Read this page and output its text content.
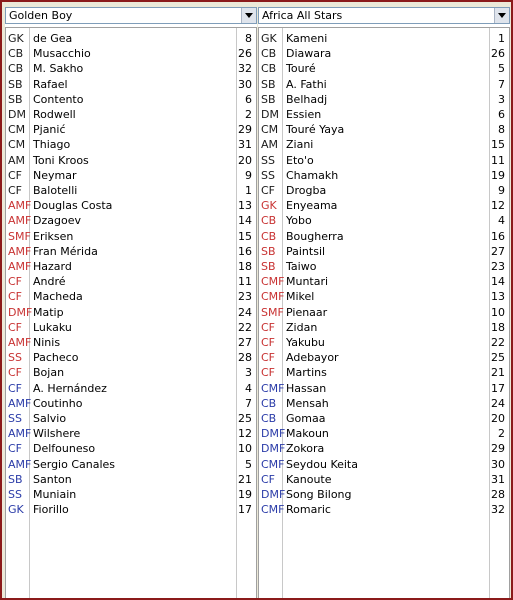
Golden Boy
GK de Gea	8
CB Musacchio	26
CB M. Sakho	32
SB Rafael	30
SB Contento	6
DM Rodwell	2
CM Pjanić	29
CM Thiago	31
AM Toni Kroos	20
CF Neymar	9
CF Balotelli	1
AMF Douglas Costa	13
AMF Dzagoev	14
SMF Eriksen	15
AMF Fran Mérida	16
AMF Hazard	18
CF André	11
CF Macheda	23
DMF Matip	24
CF Lukaku	22
AMF Ninis	27
SS Pacheco	28
CF Bojan	3
CF A. Hernández	4
AMF Coutinho	7
SS Salvio	25
AMF Wilshere	12
CF Delfouneso	10
AMF Sergio Canales	5
SB Santon	21
SS Muniain	19
GK Fiorillo	17
Africa All Stars
GK Kameni	1
CB Diawara	26
CB Touré	5
SB A. Fathi	7
SB Belhadj	3
DM Essien	6
CM Touré Yaya	8
AM Ziani	15
SS Eto'o	11
SS Chamakh	19
CF Drogba	9
GK Enyeama	12
CB Yobo	4
CB Bougherra	16
SB Paintsil	27
SB Taiwo	23
CMF Muntari	14
CMF Mikel	13
SMF Pienaar	10
CF Zidan	18
CF Yakubu	22
CF Adebayor	25
CF Martins	21
CMF Hassan	17
CB Mensah	24
CB Gomaa	20
DMF Makoun	2
DMF Zokora	29
CMF Seydou Keita	30
CF Kanoute	31
DMF Song Bilong	28
CMF Romaric	32
